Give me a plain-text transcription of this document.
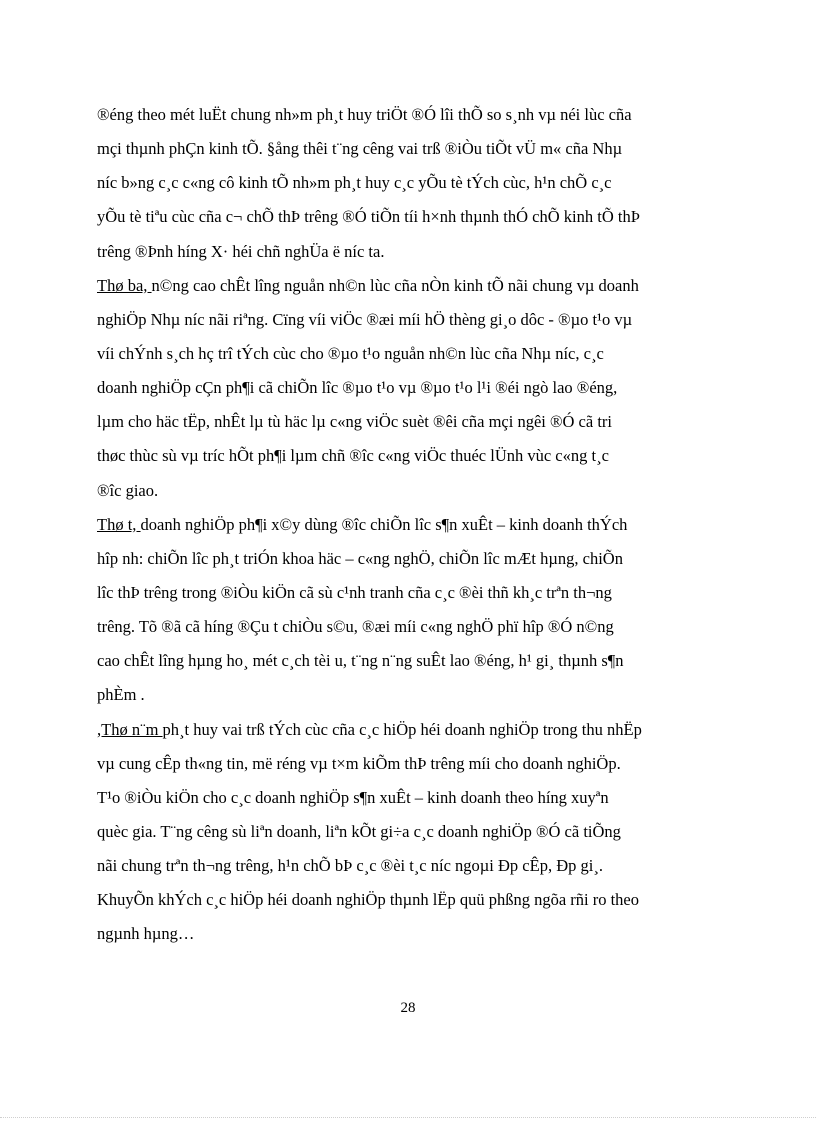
®éng theo mét luËt chung nh»m ph¸t huy triÖt ®Ó lîi thÕ so s¸nh vµ néi lùc cña
mçi thµnh phÇn kinh tÕ. §ång thêi t¨ng cêng vai trß ®iÒu tiÕt vÜ m« cña Nhµ
níc b»ng c¸c c«ng cô kinh tÕ nh»m ph¸t huy c¸c yÕu tè tÝch cùc, h¹n chÕ c¸c
yÕu tè tiªu cùc cña c¬ chÕ thÞ trêng ®Ó tiÕn tíi h×nh thµnh thÓ chÕ kinh tÕ thÞ
trêng ®Þnh híng X· héi chñ nghÜa ë níc ta.
Thø ba, n©ng cao chÊt lîng nguån nh©n lùc cña nÒn kinh tÕ nãi chung vµ doanh
nghiÖp Nhµ níc nãi riªng. Cïng víi viÖc ®æi míi hÖ thèng gi¸o dôc - ®µo t¹o vµ
víi chÝnh s¸ch hç trî tÝch cùc cho ®µo t¹o nguån nh©n lùc cña Nhµ níc, c¸c
doanh nghiÖp cÇn ph¶i cã chiÕn lîc ®µo t¹o vµ ®µo t¹o l¹i ®éi ngò lao ®éng,
lµm cho häc tËp, nhÊt lµ tù häc lµ c«ng viÖc suèt ®êi cña mçi ngêi ®Ó cã tri
thøc thùc sù vµ tríc hÕt ph¶i lµm chñ ®îc c«ng viÖc thuéc lÜnh vùc c«ng t¸c
®îc giao.
Thø t, doanh nghiÖp ph¶i x©y dùng ®îc chiÕn lîc s¶n xuÊt – kinh doanh thÝch
hîp nh: chiÕn lîc ph¸t triÓn khoa häc – c«ng nghÖ, chiÕn lîc mÆt hµng, chiÕn
lîc thÞ trêng trong ®iÒu kiÖn cã sù c¹nh tranh cña c¸c ®èi thñ kh¸c trªn th¬ng
trêng. Tõ ®ã cã híng ®Çu t chiÒu s©u, ®æi míi c«ng nghÖ phï hîp ®Ó n©ng
cao chÊt lîng hµng ho¸ mét c¸ch tèi u, t¨ng n¨ng suÊt lao ®éng, h¹ gi¸ thµnh s¶n
phÈm .
,Thø n¨m ph¸t huy vai trß tÝch cùc cña c¸c hiÖp héi doanh nghiÖp trong thu nhËp
vµ cung cÊp th«ng tin, më réng vµ t×m kiÕm thÞ trêng míi cho doanh nghiÖp.
T¹o ®iÒu kiÖn cho c¸c doanh nghiÖp s¶n xuÊt – kinh doanh theo híng xuyªn
quèc gia. T¨ng cêng sù liªn doanh, liªn kÕt gi÷a c¸c doanh nghiÖp ®Ó cã tiÕng
nãi chung trªn th¬ng trêng, h¹n chÕ bÞ c¸c ®èi t¸c níc ngoµi Ðp cÊp, Ðp gi¸.
KhuyÕn khÝch c¸c hiÖp héi doanh nghiÖp thµnh lËp quü phßng ngõa rñi ro theo
ngµnh hµng…
28
